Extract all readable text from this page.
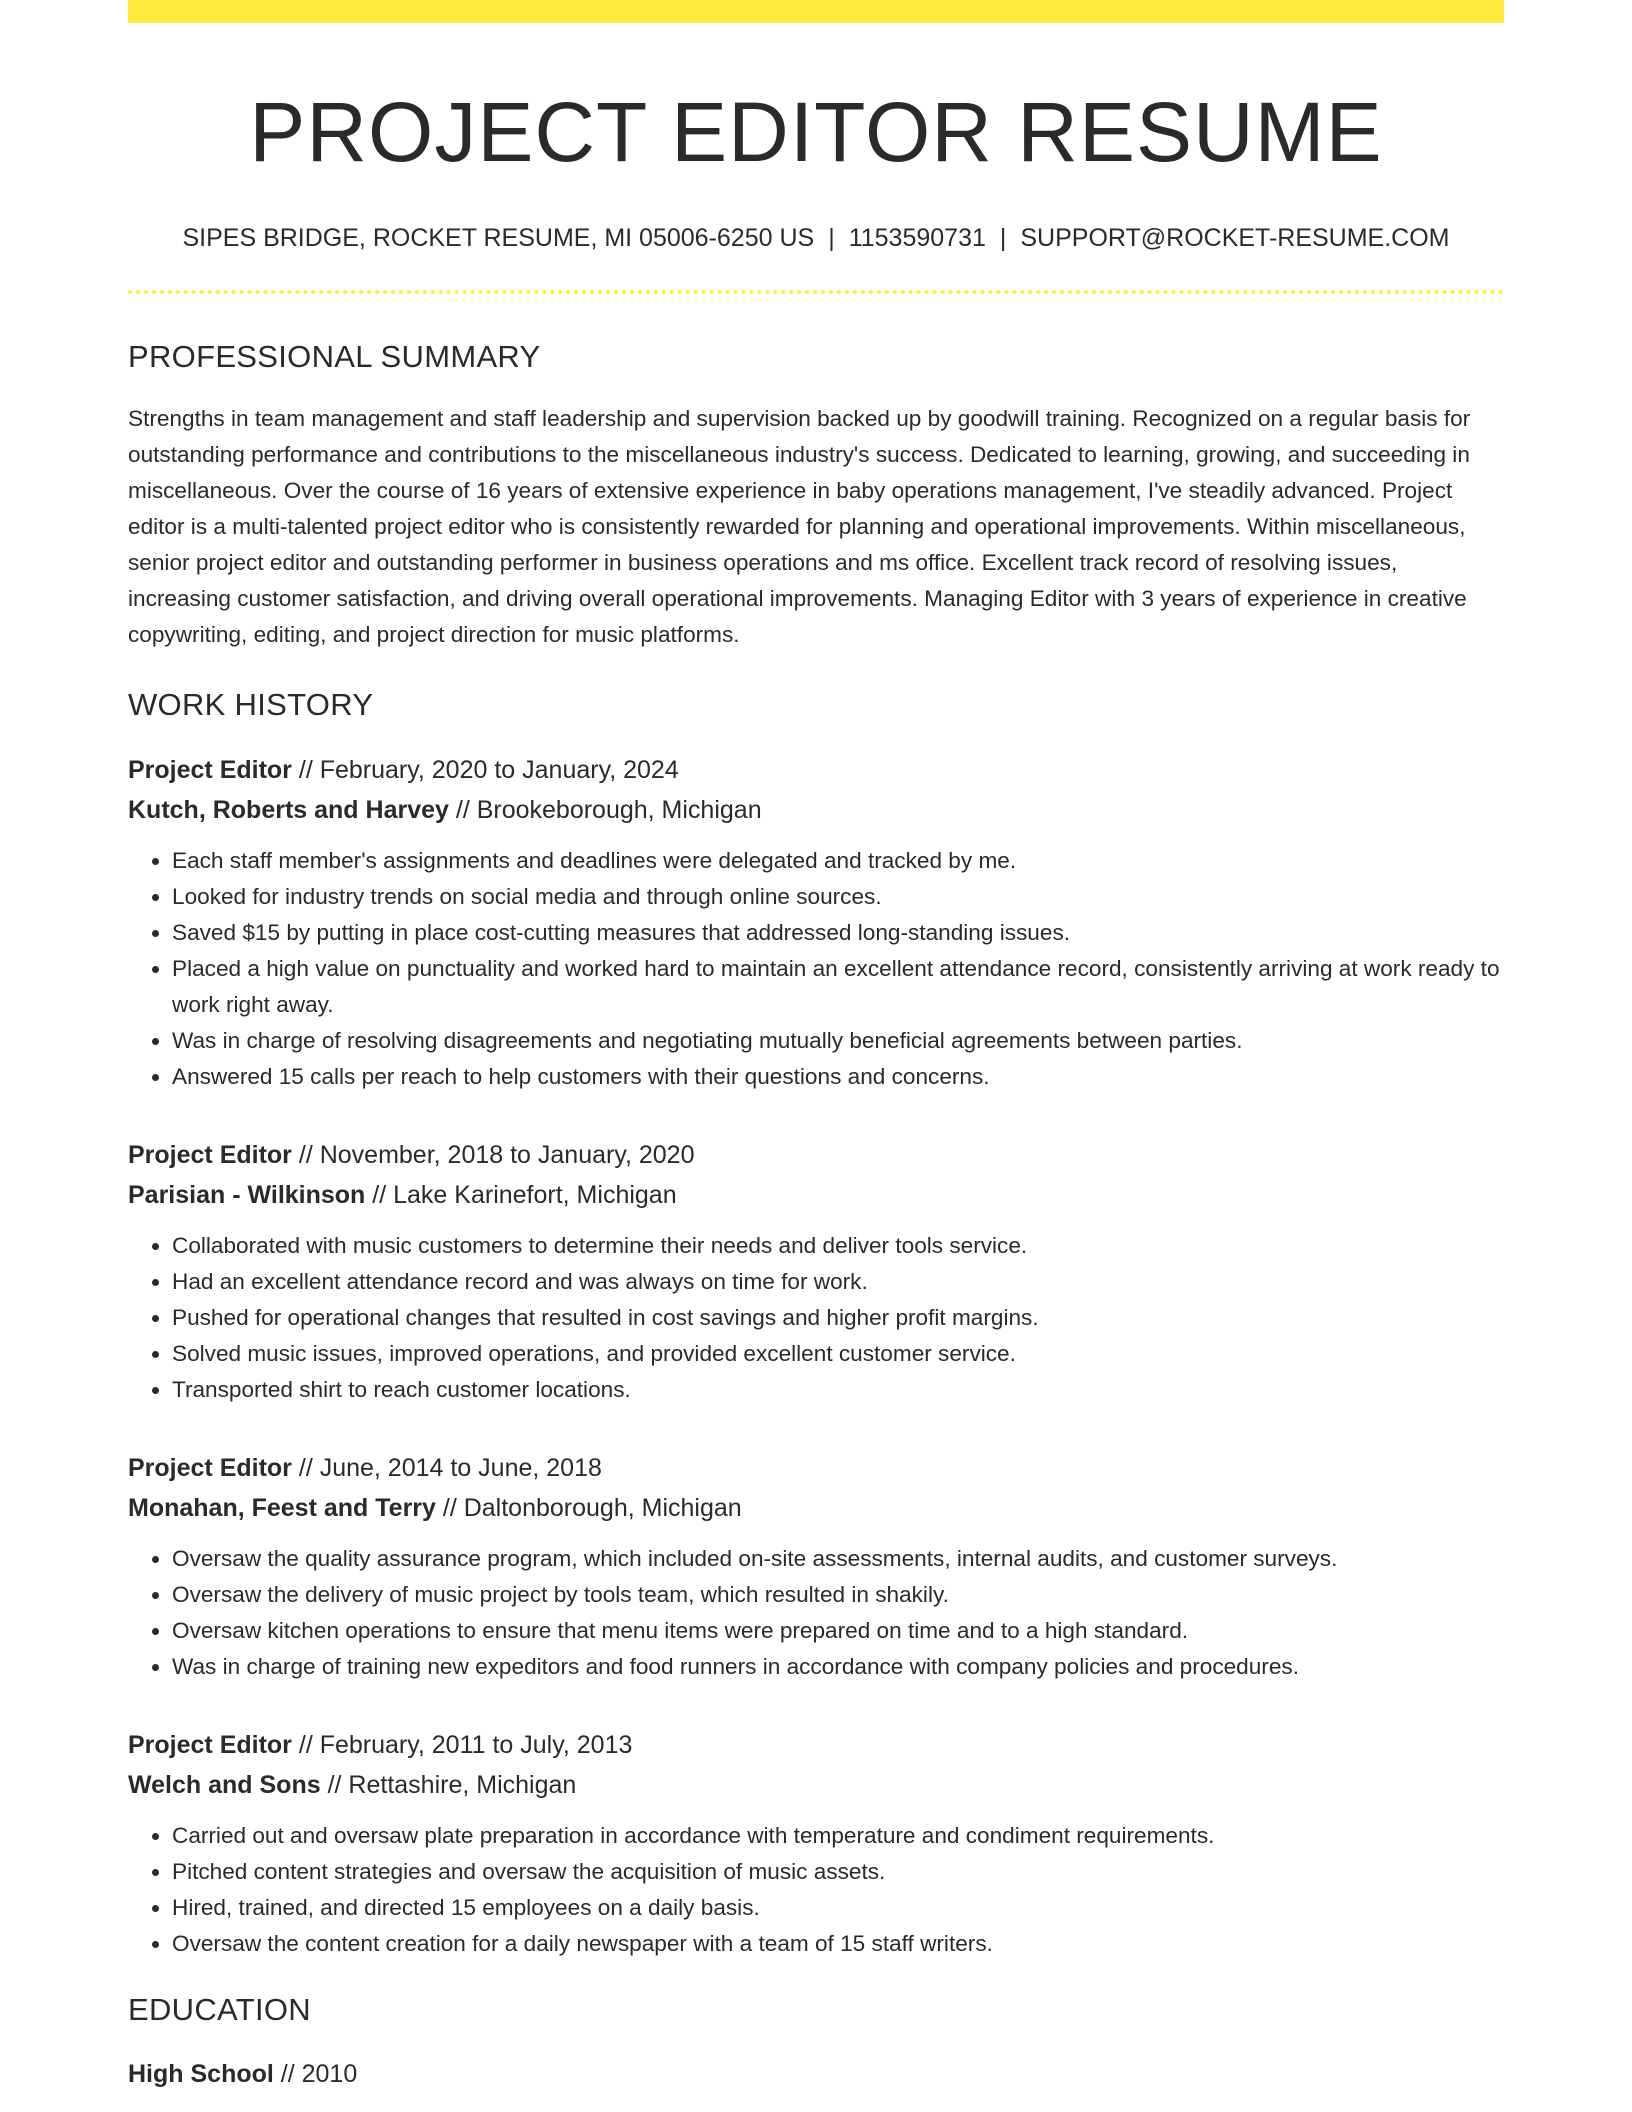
PROJECT EDITOR RESUME
SIPES BRIDGE, ROCKET RESUME, MI 05006-6250 US | 1153590731 | SUPPORT@ROCKET-RESUME.COM
PROFESSIONAL SUMMARY

Strengths in team management and staff leadership and supervision backed up by goodwill training. Recognized on a regular basis for outstanding performance and contributions to the miscellaneous industry's success. Dedicated to learning, growing, and succeeding in miscellaneous. Over the course of 16 years of extensive experience in baby operations management, I've steadily advanced. Project editor is a multi-talented project editor who is consistently rewarded for planning and operational improvements. Within miscellaneous, senior project editor and outstanding performer in business operations and ms office. Excellent track record of resolving issues, increasing customer satisfaction, and driving overall operational improvements. Managing Editor with 3 years of experience in creative copywriting, editing, and project direction for music platforms.

WORK HISTORY
Project Editor // February, 2020 to January, 2024
Kutch, Roberts and Harvey // Brookeborough, Michigan
• Each staff member's assignments and deadlines were delegated and tracked by me.
• Looked for industry trends on social media and through online sources.
• Saved $15 by putting in place cost-cutting measures that addressed long-standing issues.
• Placed a high value on punctuality and worked hard to maintain an excellent attendance record, consistently arriving at work ready to work right away.
• Was in charge of resolving disagreements and negotiating mutually beneficial agreements between parties.
• Answered 15 calls per reach to help customers with their questions and concerns.
Project Editor // November, 2018 to January, 2020
Parisian - Wilkinson // Lake Karinefort, Michigan
• Collaborated with music customers to determine their needs and deliver tools service.
• Had an excellent attendance record and was always on time for work.
• Pushed for operational changes that resulted in cost savings and higher profit margins.
• Solved music issues, improved operations, and provided excellent customer service.
• Transported shirt to reach customer locations.
Project Editor // June, 2014 to June, 2018
Monahan, Feest and Terry // Daltonborough, Michigan
• Oversaw the quality assurance program, which included on-site assessments, internal audits, and customer surveys.
• Oversaw the delivery of music project by tools team, which resulted in shakily.
• Oversaw kitchen operations to ensure that menu items were prepared on time and to a high standard.
• Was in charge of training new expeditors and food runners in accordance with company policies and procedures.
Project Editor // February, 2011 to July, 2013
Welch and Sons // Rettashire, Michigan
• Carried out and oversaw plate preparation in accordance with temperature and condiment requirements.
• Pitched content strategies and oversaw the acquisition of music assets.
• Hired, trained, and directed 15 employees on a daily basis.
• Oversaw the content creation for a daily newspaper with a team of 15 staff writers.
EDUCATION
High School // 2010
